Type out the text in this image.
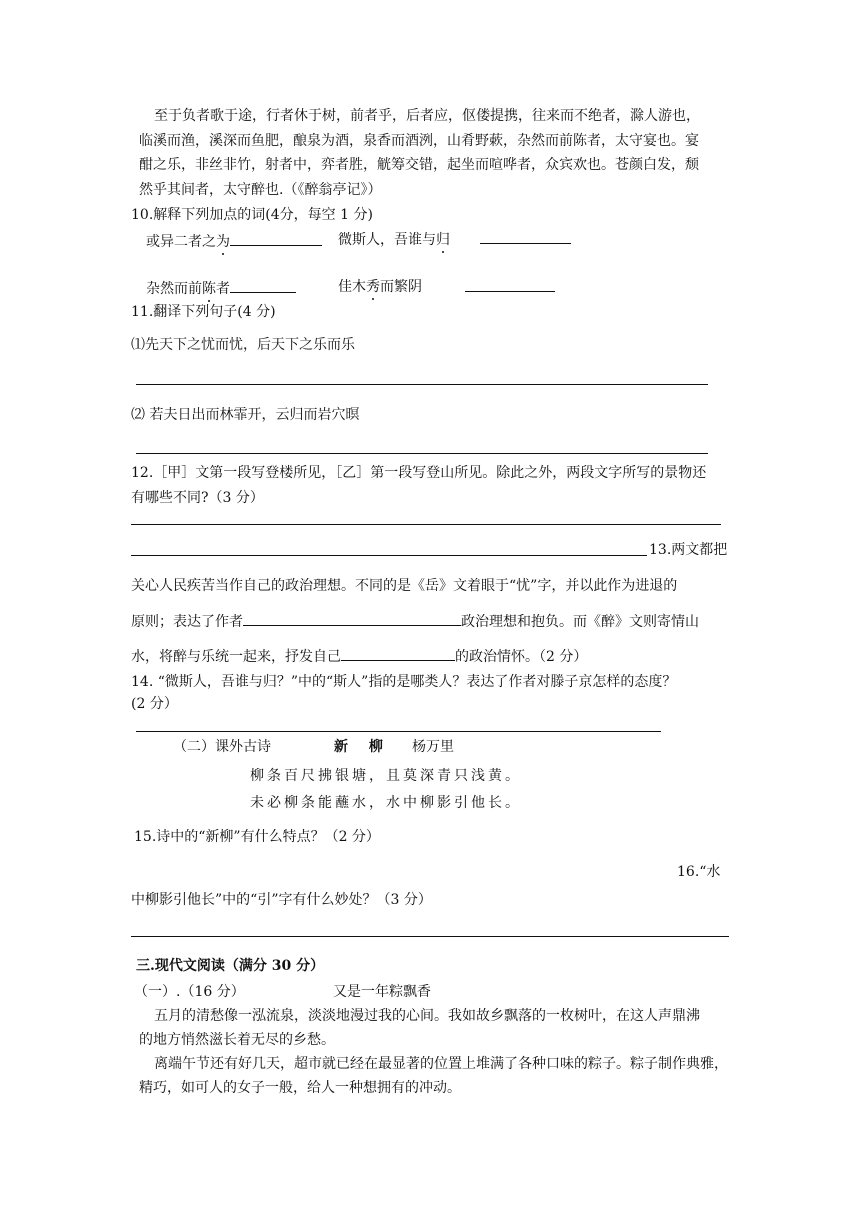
至于负者歌于途，行者休于树，前者乎，后者应，伛偻提携，往来而不绝者，滁人游也，
临溪而渔，溪深而鱼肥，酿泉为酒，泉香而酒洌，山肴野蔌，杂然而前陈者，太守宴也。宴
酣之乐，非丝非竹，射者中，弈者胜，觥筹交错，起坐而喧哗者，众宾欢也。苍颜白发，颓
然乎其间者，太守醉也.（《醉翁亭记》）
10.解释下列加点的词(4分，每空 1 分)
或异二者之为	微斯人，吾谁与归
杂然而前陈者	佳木秀而繁阴
11.翻译下列句子(4 分)
⑴先天下之忧而忧，后天下之乐而乐
⑵ 若夫日出而林霏开，云归而岩穴暝
12.［甲］文第一段写登楼所见，［乙］第一段写登山所见。除此之外，两段文字所写的景物还
有哪些不同?（3 分）
13.两文都把
关心人民疾苦当作自己的政治理想。不同的是《岳》文着眼于“忧”字，并以此作为进退的
原则；表达了作者	政治理想和抱负。而《醉》文则寄情山
水，将醉与乐统一起来，抒发自己	的政治情怀。（2 分）
14. “微斯人，吾谁与归？”中的“斯人”指的是哪类人？表达了作者对滕子京怎样的态度？
(2 分）
（二）课外古诗	新 柳 杨万里
柳条百尺拂银塘，且莫深青只浅黄。
未必柳条能蘸水，水中柳影引他长。
15.诗中的“新柳”有什么特点？（2 分）
16.“水
中柳影引他长”中的“引”字有什么妙处？（3 分）
三.现代文阅读（满分 30 分）
（一）.（16 分）	又是一年粽飘香
五月的清愁像一泓流泉，淡淡地漫过我的心间。我如故乡飘落的一枚树叶，在这人声鼎沸
的地方悄然滋长着无尽的乡愁。
离端午节还有好几天，超市就已经在最显著的位置上堆满了各种口味的粽子。粽子制作典雅，
精巧，如可人的女子一般，给人一种想拥有的冲动。
